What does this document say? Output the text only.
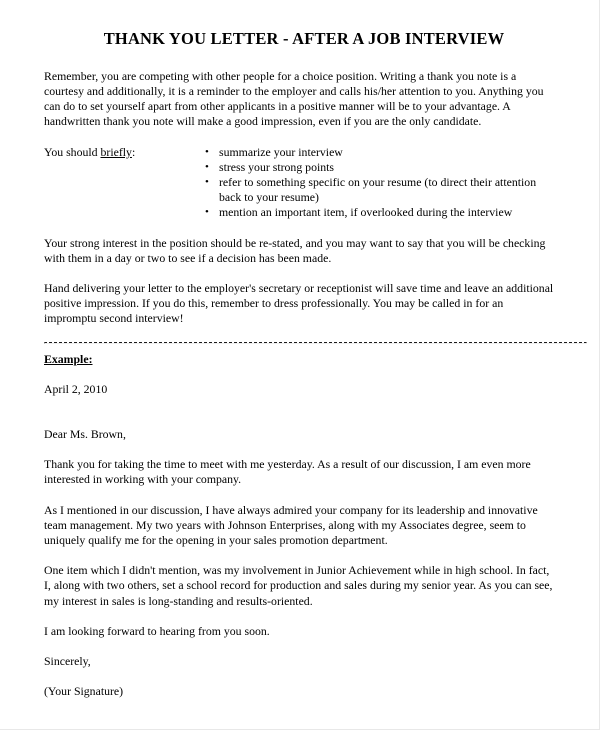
THANK YOU LETTER - AFTER A JOB INTERVIEW

Remember, you are competing with other people for a choice position. Writing a thank you note is a courtesy and additionally, it is a reminder to the employer and calls his/her attention to you. Anything you can do to set yourself apart from other applicants in a positive manner will be to your advantage. A handwritten thank you note will make a good impression, even if you are the only candidate.

You should briefly:	• summarize your interview
• stress your strong points
• refer to something specific on your resume (to direct their attention back to your resume)
• mention an important item, if overlooked during the interview

Your strong interest in the position should be re-stated, and you may want to say that you will be checking with them in a day or two to see if a decision has been made.

Hand delivering your letter to the employer's secretary or receptionist will save time and leave an additional positive impression. If you do this, remember to dress professionally. You may be called in for an impromptu second interview!

Example:

April 2, 2010

Dear Ms. Brown,

Thank you for taking the time to meet with me yesterday. As a result of our discussion, I am even more interested in working with your company.

As I mentioned in our discussion, I have always admired your company for its leadership and innovative team management. My two years with Johnson Enterprises, along with my Associates degree, seem to uniquely qualify me for the opening in your sales promotion department.

One item which I didn't mention, was my involvement in Junior Achievement while in high school. In fact, I, along with two others, set a school record for production and sales during my senior year. As you can see, my interest in sales is long-standing and results-oriented.

I am looking forward to hearing from you soon.

Sincerely,

(Your Signature)
